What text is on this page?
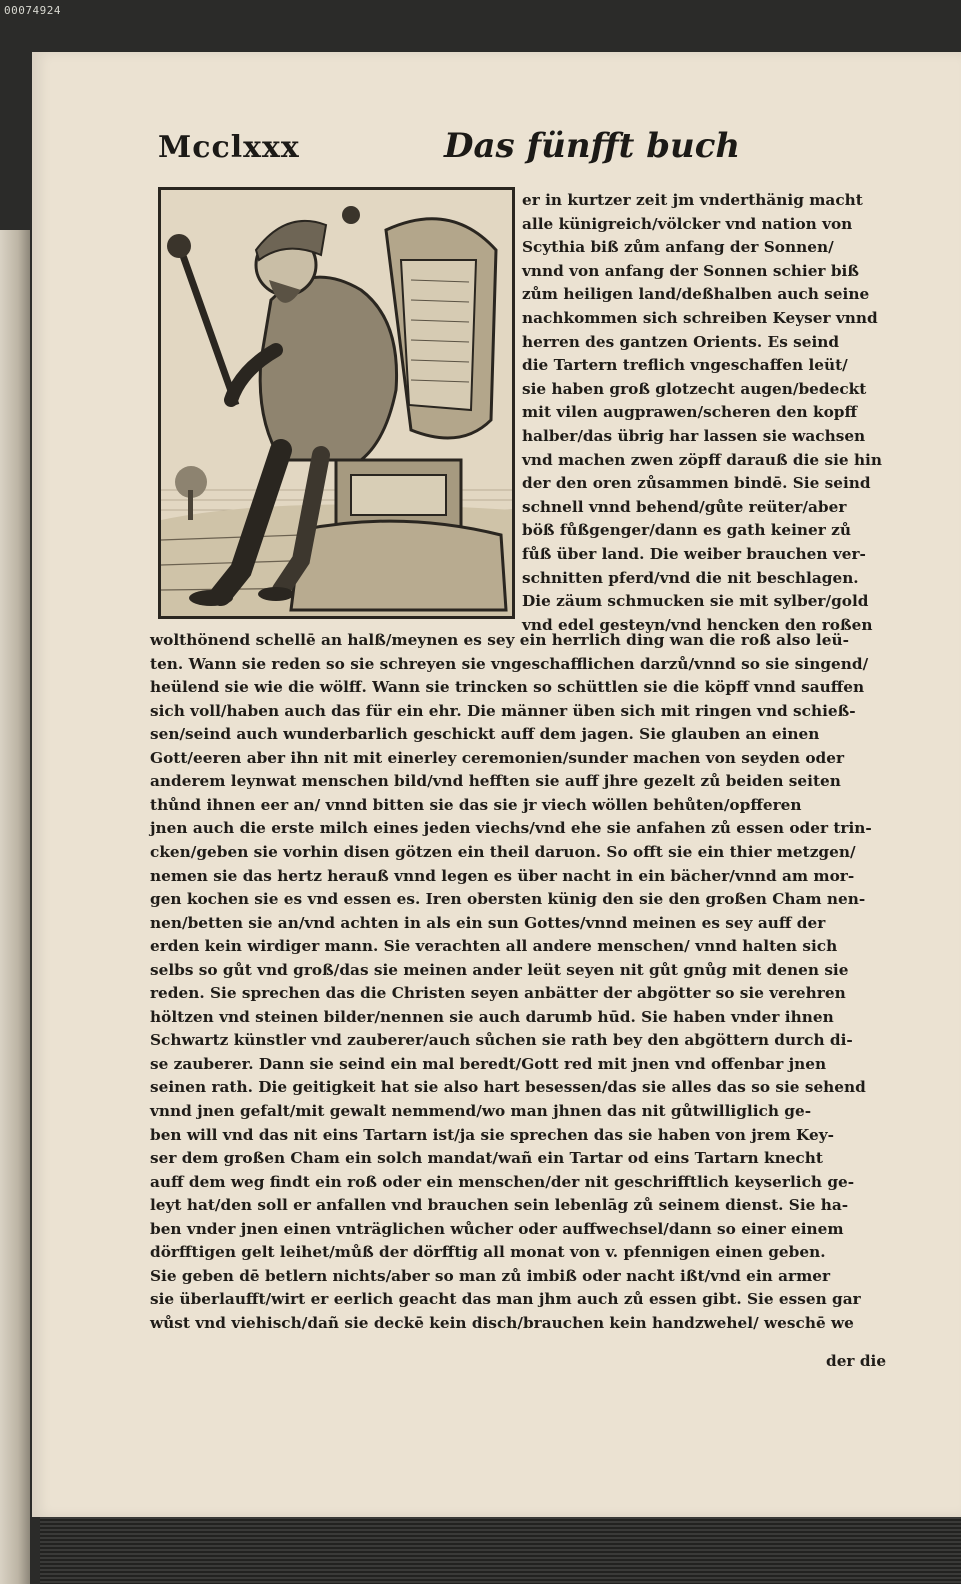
00074924
Mcclxxx	Das fünfft buch
er in kurtzer zeit jm vnderthänig macht
alle künigreich/völcker vnd nation von
Scythia biß zům anfang der Sonnen/
vnnd von anfang der Sonnen schier biß
zům heiligen land/deßhalben auch seine
nachkommen sich schreiben Keyser vnnd
herren des gantzen Orients. Es seind
die Tartern treflich vngeschaffen leüt/
sie haben groß glotzecht augen/bedeckt
mit vilen augprawen/scheren den kopff
halber/das übrig har lassen sie wachsen
vnd machen zwen zöpff darauß die sie hin
der den oren zůsammen bindē. Sie seind
schnell vnnd behend/gůte reüter/aber
böß fůßgenger/dann es gath keiner zů
fůß über land. Die weiber brauchen ver-
schnitten pferd/vnd die nit beschlagen.
Die zäum schmucken sie mit sylber/gold
vnd edel gesteyn/vnd hencken den roßen
wolthönend schellē an halß/meynen es sey ein herrlich ding wan die roß also leü-
ten. Wann sie reden so sie schreyen sie vngeschafflichen darzů/vnnd so sie singend/
heülend sie wie die wölff. Wann sie trincken so schüttlen sie die köpff vnnd sauffen
sich voll/haben auch das für ein ehr. Die männer üben sich mit ringen vnd schieß-
sen/seind auch wunderbarlich geschickt auff dem jagen. Sie glauben an einen
Gott/eeren aber ihn nit mit einerley ceremonien/sunder machen von seyden oder
anderem leynwat menschen bild/vnd hefften sie auff jhre gezelt zů beiden seiten
thůnd ihnen eer an/ vnnd bitten sie das sie jr viech wöllen behůten/opfferen
jnen auch die erste milch eines jeden viechs/vnd ehe sie anfahen zů essen oder trin-
cken/geben sie vorhin disen götzen ein theil daruon. So offt sie ein thier metzgen/
nemen sie das hertz herauß vnnd legen es über nacht in ein bächer/vnnd am mor-
gen kochen sie es vnd essen es. Iren obersten künig den sie den großen Cham nen-
nen/betten sie an/vnd achten in als ein sun Gottes/vnnd meinen es sey auff der
erden kein wirdiger mann. Sie verachten all andere menschen/ vnnd halten sich
selbs so gůt vnd groß/das sie meinen ander leüt seyen nit gůt gnůg mit denen sie
reden. Sie sprechen das die Christen seyen anbätter der abgötter so sie verehren
höltzen vnd steinen bilder/nennen sie auch darumb hūd. Sie haben vnder ihnen
Schwartz künstler vnd zauberer/auch sůchen sie rath bey den abgöttern durch di-
se zauberer. Dann sie seind ein mal beredt/Gott red mit jnen vnd offenbar jnen
seinen rath. Die geitigkeit hat sie also hart besessen/das sie alles das so sie sehend
vnnd jnen gefalt/mit gewalt nemmend/wo man jhnen das nit gůtwilliglich ge-
ben will vnd das nit eins Tartarn ist/ja sie sprechen das sie haben von jrem Key-
ser dem großen Cham ein solch mandat/wañ ein Tartar od eins Tartarn knecht
auff dem weg findt ein roß oder ein menschen/der nit geschrifftlich keyserlich ge-
leyt hat/den soll er anfallen vnd brauchen sein lebenlāg zů seinem dienst. Sie ha-
ben vnder jnen einen vnträglichen wůcher oder auffwechsel/dann so einer einem
dörfftigen gelt leihet/můß der dörfftig all monat von v. pfennigen einen geben.
Sie geben dē betlern nichts/aber so man zů imbiß oder nacht ißt/vnd ein armer
sie überlaufft/wirt er eerlich geacht das man jhm auch zů essen gibt. Sie essen gar
wůst vnd viehisch/dañ sie deckē kein disch/brauchen kein handzwehel/ weschē we
der die
